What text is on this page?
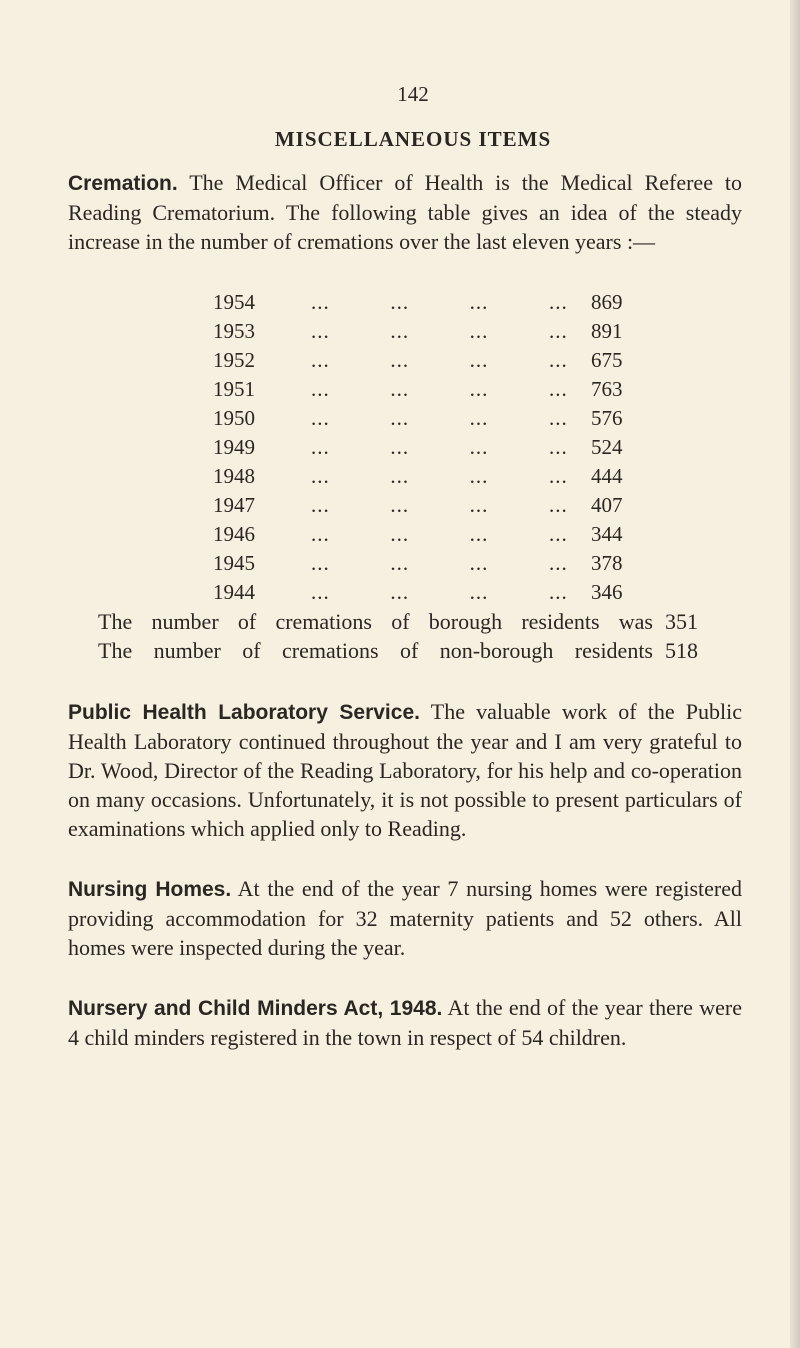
142
MISCELLANEOUS ITEMS
Cremation. The Medical Officer of Health is the Medical Referee to Reading Crematorium. The following table gives an idea of the steady increase in the number of cremations over the last eleven years :—
1954	...	...	...	...	869
1953	...	...	...	...	891
1952	...	...	...	...	675
1951	...	...	...	...	763
1950	...	...	...	...	576
1949	...	...	...	...	524
1948	...	...	...	...	444
1947	...	...	...	...	407
1946	...	...	...	...	344
1945	...	...	...	...	378
1944	...	...	...	...	346
The number of cremations of borough residents was 351
The number of cremations of non-borough residents 518
Public Health Laboratory Service. The valuable work of the Public Health Laboratory continued throughout the year and I am very grateful to Dr. Wood, Director of the Reading Laboratory, for his help and co-operation on many occasions. Unfortunately, it is not possible to present particulars of examinations which applied only to Reading.
Nursing Homes. At the end of the year 7 nursing homes were registered providing accommodation for 32 maternity patients and 52 others. All homes were inspected during the year.
Nursery and Child Minders Act, 1948. At the end of the year there were 4 child minders registered in the town in respect of 54 children.
